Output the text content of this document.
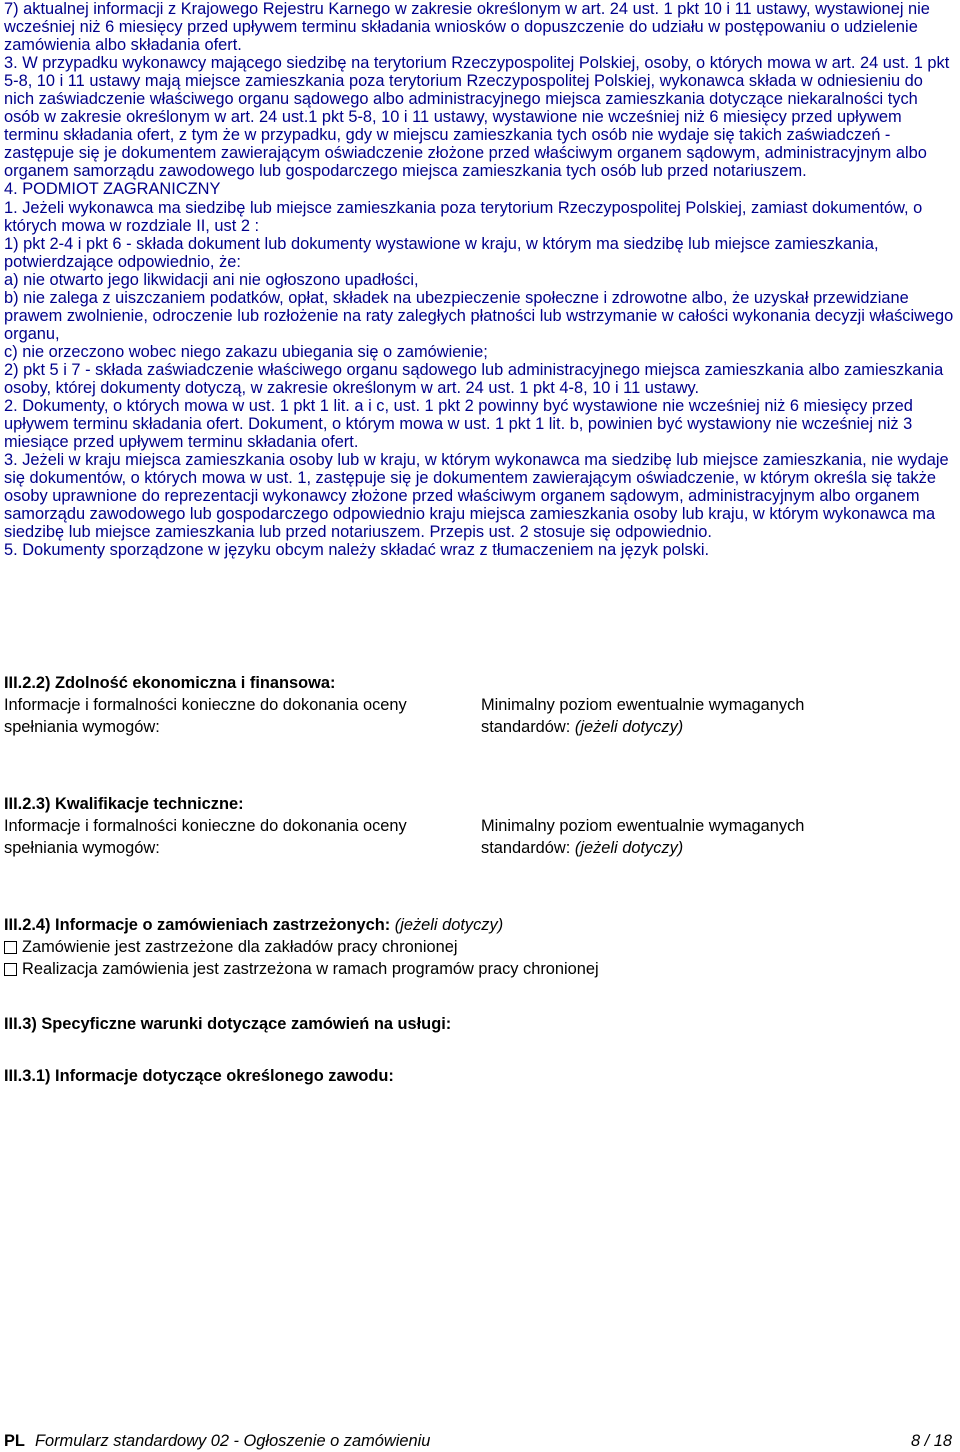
7) aktualnej informacji z Krajowego Rejestru Karnego w zakresie określonym w art. 24 ust. 1 pkt 10 i 11 ustawy, wystawionej nie wcześniej niż 6 miesięcy przed upływem terminu składania wniosków o dopuszczenie do udziału w postępowaniu o udzielenie zamówienia albo składania ofert.

3. W przypadku wykonawcy mającego siedzibę na terytorium Rzeczypospolitej Polskiej, osoby, o których mowa w art. 24 ust. 1 pkt 5-8, 10 i 11 ustawy mają miejsce zamieszkania poza terytorium Rzeczypospolitej Polskiej, wykonawca składa w odniesieniu do nich zaświadczenie właściwego organu sądowego albo administracyjnego miejsca zamieszkania dotyczące niekaralności tych osób w zakresie określonym w art. 24 ust.1 pkt 5-8, 10 i 11 ustawy, wystawione nie wcześniej niż 6 miesięcy przed upływem terminu składania ofert, z tym że w przypadku, gdy w miejscu zamieszkania tych osób nie wydaje się takich zaświadczeń - zastępuje się je dokumentem zawierającym oświadczenie złożone przed właściwym organem sądowym, administracyjnym albo organem samorządu zawodowego lub gospodarczego miejsca zamieszkania tych osób lub przed notariuszem.

4. PODMIOT ZAGRANICZNY

1. Jeżeli wykonawca ma siedzibę lub miejsce zamieszkania poza terytorium Rzeczypospolitej Polskiej, zamiast dokumentów, o których mowa w rozdziale II, ust 2 :

1) pkt 2-4 i pkt 6 - składa dokument lub dokumenty wystawione w kraju, w którym ma siedzibę lub miejsce zamieszkania, potwierdzające odpowiednio, że:

a) nie otwarto jego likwidacji ani nie ogłoszono upadłości,

b) nie zalega z uiszczaniem podatków, opłat, składek na ubezpieczenie społeczne i zdrowotne albo, że uzyskał przewidziane prawem zwolnienie, odroczenie lub rozłożenie na raty zaległych płatności lub wstrzymanie w całości wykonania decyzji właściwego organu,

c) nie orzeczono wobec niego zakazu ubiegania się o zamówienie;

2) pkt 5 i 7 - składa zaświadczenie właściwego organu sądowego lub administracyjnego miejsca zamieszkania albo zamieszkania osoby, której dokumenty dotyczą, w zakresie określonym w art. 24 ust. 1 pkt 4-8, 10 i 11 ustawy.

2. Dokumenty, o których mowa w ust. 1 pkt 1 lit. a i c, ust. 1 pkt 2 powinny być wystawione nie wcześniej niż 6 miesięcy przed upływem terminu składania ofert. Dokument, o którym mowa w ust. 1 pkt 1 lit. b, powinien być wystawiony nie wcześniej niż 3 miesiące przed upływem terminu składania ofert.

3. Jeżeli w kraju miejsca zamieszkania osoby lub w kraju, w którym wykonawca ma siedzibę lub miejsce zamieszkania, nie wydaje się dokumentów, o których mowa w ust. 1, zastępuje się je dokumentem zawierającym oświadczenie, w którym określa się także osoby uprawnione do reprezentacji wykonawcy złożone przed właściwym organem sądowym, administracyjnym albo organem samorządu zawodowego lub gospodarczego odpowiednio kraju miejsca zamieszkania osoby lub kraju, w którym wykonawca ma siedzibę lub miejsce zamieszkania lub przed notariuszem. Przepis ust. 2 stosuje się odpowiednio.

5. Dokumenty sporządzone w języku obcym należy składać wraz z tłumaczeniem na język polski.

III.2.2) Zdolność ekonomiczna i finansowa:
Informacje i formalności konieczne do dokonania oceny
spełniania wymogów:
Minimalny poziom ewentualnie wymaganych
standardów: (jeżeli dotyczy)
III.2.3) Kwalifikacje techniczne:
Informacje i formalności konieczne do dokonania oceny
spełniania wymogów:
Minimalny poziom ewentualnie wymaganych
standardów: (jeżeli dotyczy)
III.2.4) Informacje o zamówieniach zastrzeżonych: (jeżeli dotyczy)
Zamówienie jest zastrzeżone dla zakładów pracy chronionej
Realizacja zamówienia jest zastrzeżona w ramach programów pracy chronionej
III.3) Specyficzne warunki dotyczące zamówień na usługi:
III.3.1) Informacje dotyczące określonego zawodu:
PL Formularz standardowy 02 - Ogłoszenie o zamówieniu	8 / 18
